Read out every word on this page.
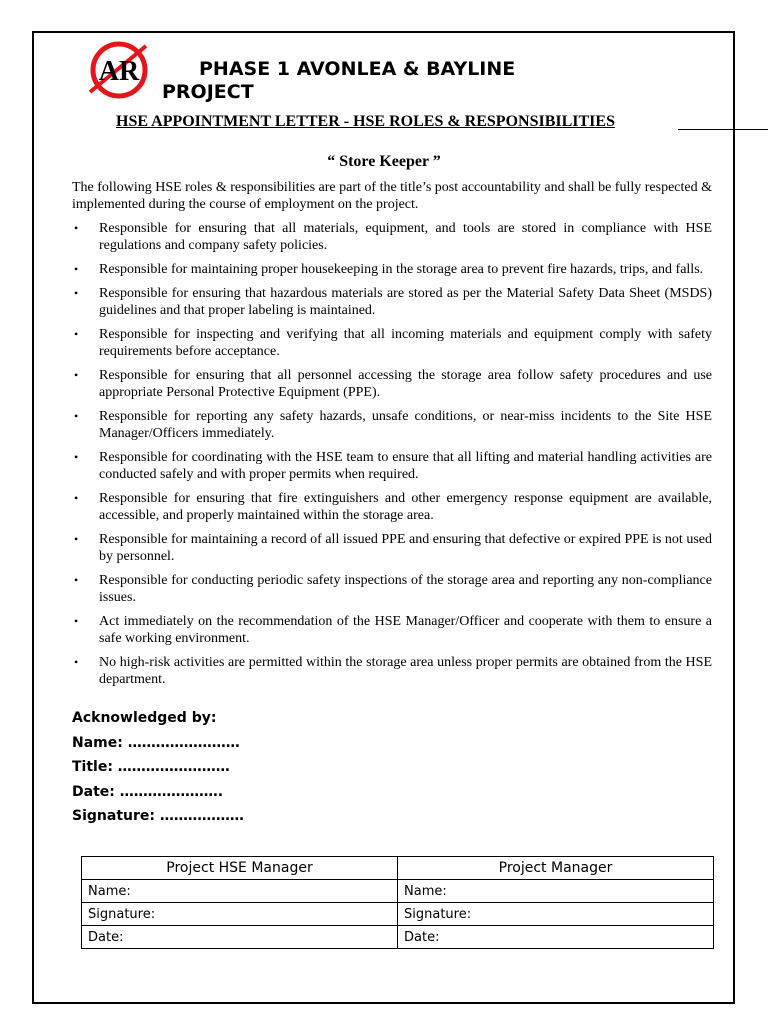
AR	PHASE 1 AVONLEA & BAYLINE
PROJECT
HSE APPOINTMENT LETTER - HSE ROLES & RESPONSIBILITIES
“ Store Keeper ”

The following HSE roles & responsibilities are part of the title’s post accountability and shall be fully respected & implemented during the course of employment on the project.

• Responsible for ensuring that all materials, equipment, and tools are stored in compliance with HSE regulations and company safety policies.
• Responsible for maintaining proper housekeeping in the storage area to prevent fire hazards, trips, and falls.
• Responsible for ensuring that hazardous materials are stored as per the Material Safety Data Sheet (MSDS) guidelines and that proper labeling is maintained.
• Responsible for inspecting and verifying that all incoming materials and equipment comply with safety requirements before acceptance.
• Responsible for ensuring that all personnel accessing the storage area follow safety procedures and use appropriate Personal Protective Equipment (PPE).
• Responsible for reporting any safety hazards, unsafe conditions, or near-miss incidents to the Site HSE Manager/Officers immediately.
• Responsible for coordinating with the HSE team to ensure that all lifting and material handling activities are conducted safely and with proper permits when required.
• Responsible for ensuring that fire extinguishers and other emergency response equipment are available, accessible, and properly maintained within the storage area.
• Responsible for maintaining a record of all issued PPE and ensuring that defective or expired PPE is not used by personnel.
• Responsible for conducting periodic safety inspections of the storage area and reporting any non-compliance issues.
• Act immediately on the recommendation of the HSE Manager/Officer and cooperate with them to ensure a safe working environment.
• No high-risk activities are permitted within the storage area unless proper permits are obtained from the HSE department.
Acknowledged by:
Name: ……………………
Title: ……………………
Date: ………………….
Signature: ………………
Project HSE Manager	Project Manager
Name:	Name:
Signature:	Signature:
Date:	Date:
